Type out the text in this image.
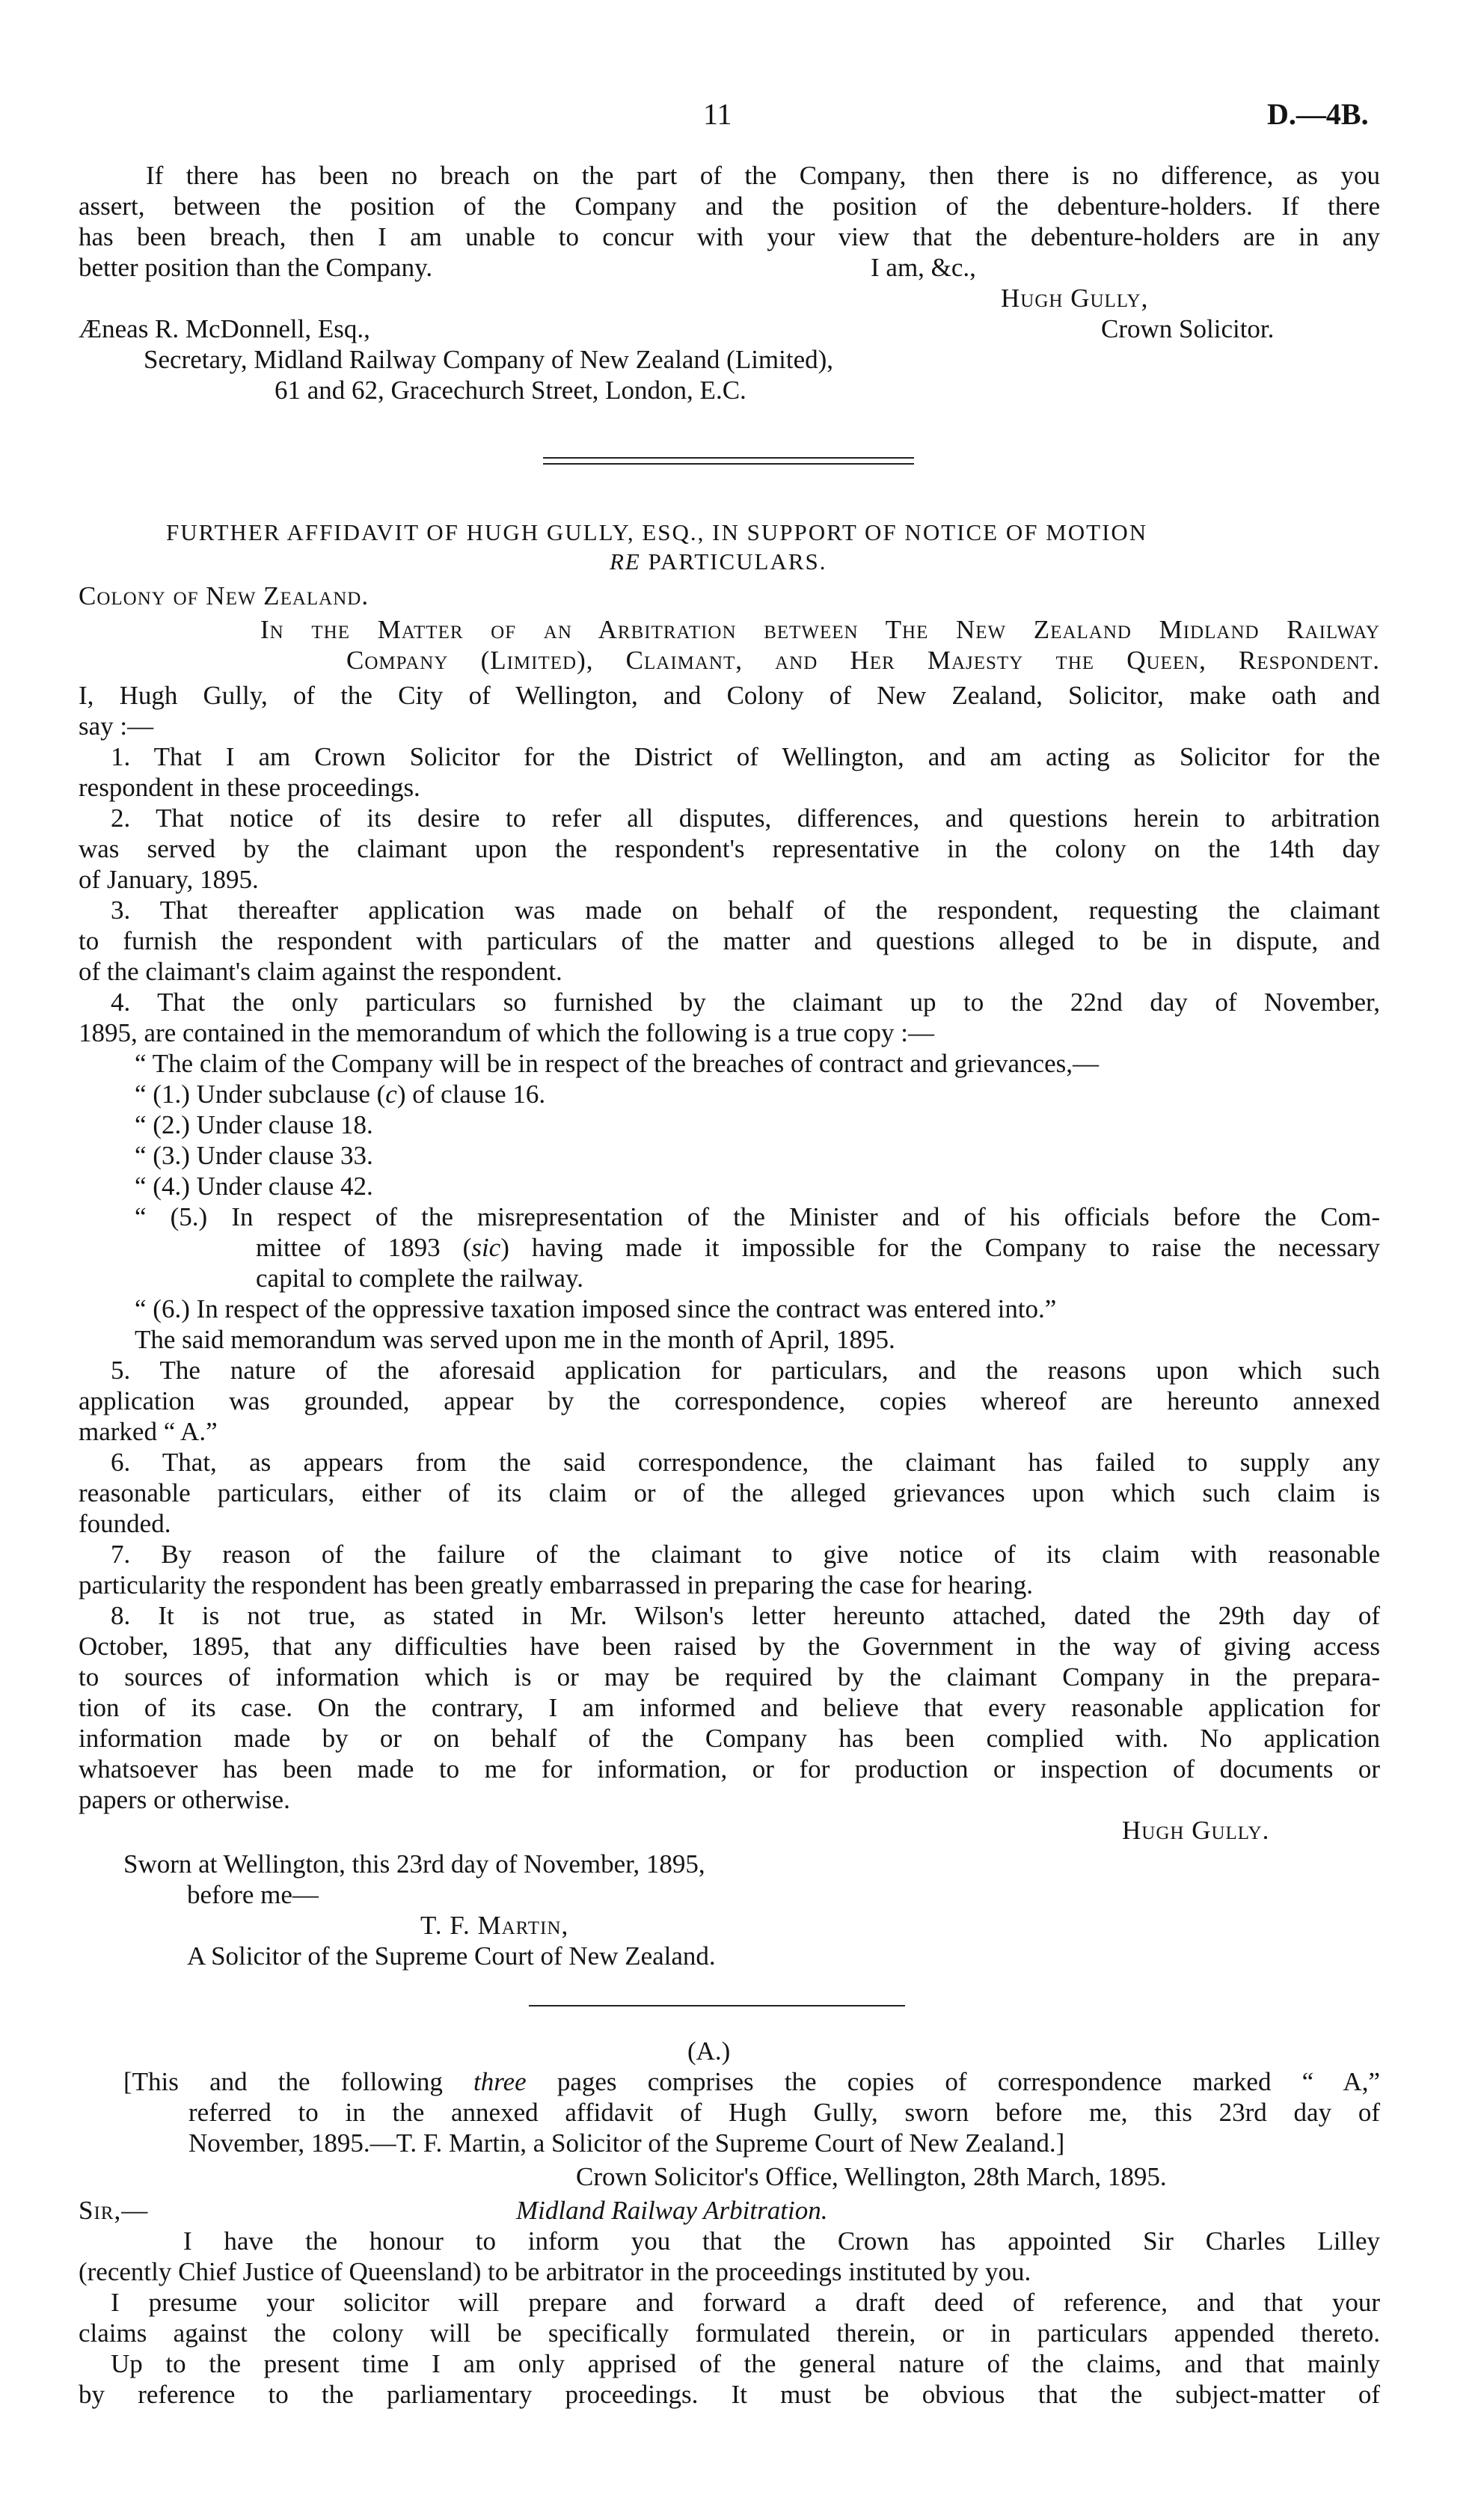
11	D.—4B.
If there has been no breach on the part of the Company, then there is no difference, as you
assert, between the position of the Company and the position of the debenture-holders. If there
has been breach, then I am unable to concur with your view that the debenture-holders are in any
better position than the Company.	I am, &c.,
Hugh Gully,
Æneas R. McDonnell, Esq.,	Crown Solicitor.
Secretary, Midland Railway Company of New Zealand (Limited),
61 and 62, Gracechurch Street, London, E.C.
FURTHER AFFIDAVIT OF HUGH GULLY, ESQ., IN SUPPORT OF NOTICE OF MOTION
RE PARTICULARS.
Colony of New Zealand.
In the Matter of an Arbitration between The New Zealand Midland Railway
Company (Limited), Claimant, and Her Majesty the Queen, Respondent.
I, Hugh Gully, of the City of Wellington, and Colony of New Zealand, Solicitor, make oath and
say :—
1. That I am Crown Solicitor for the District of Wellington, and am acting as Solicitor for the
respondent in these proceedings.
2. That notice of its desire to refer all disputes, differences, and questions herein to arbitration
was served by the claimant upon the respondent's representative in the colony on the 14th day
of January, 1895.
3. That thereafter application was made on behalf of the respondent, requesting the claimant
to furnish the respondent with particulars of the matter and questions alleged to be in dispute, and
of the claimant's claim against the respondent.
4. That the only particulars so furnished by the claimant up to the 22nd day of November,
1895, are contained in the memorandum of which the following is a true copy :—
“ The claim of the Company will be in respect of the breaches of contract and grievances,—
“ (1.) Under subclause (c) of clause 16.
“ (2.) Under clause 18.
“ (3.) Under clause 33.
“ (4.) Under clause 42.
“ (5.) In respect of the misrepresentation of the Minister and of his officials before the Com-
mittee of 1893 (sic) having made it impossible for the Company to raise the necessary
capital to complete the railway.
“ (6.) In respect of the oppressive taxation imposed since the contract was entered into.”
The said memorandum was served upon me in the month of April, 1895.
5. The nature of the aforesaid application for particulars, and the reasons upon which such
application was grounded, appear by the correspondence, copies whereof are hereunto annexed
marked “ A.”
6. That, as appears from the said correspondence, the claimant has failed to supply any
reasonable particulars, either of its claim or of the alleged grievances upon which such claim is
founded.
7. By reason of the failure of the claimant to give notice of its claim with reasonable
particularity the respondent has been greatly embarrassed in preparing the case for hearing.
8. It is not true, as stated in Mr. Wilson's letter hereunto attached, dated the 29th day of
October, 1895, that any difficulties have been raised by the Government in the way of giving access
to sources of information which is or may be required by the claimant Company in the prepara-
tion of its case. On the contrary, I am informed and believe that every reasonable application for
information made by or on behalf of the Company has been complied with. No application
whatsoever has been made to me for information, or for production or inspection of documents or
papers or otherwise.
Hugh Gully.
Sworn at Wellington, this 23rd day of November, 1895,
before me—
T. F. Martin,
A Solicitor of the Supreme Court of New Zealand.
(A.)
[This and the following three pages comprises the copies of correspondence marked “ A,”
referred to in the annexed affidavit of Hugh Gully, sworn before me, this 23rd day of
November, 1895.—T. F. Martin, a Solicitor of the Supreme Court of New Zealand.]
Crown Solicitor's Office, Wellington, 28th March, 1895.
Sir,—	Midland Railway Arbitration.
I have the honour to inform you that the Crown has appointed Sir Charles Lilley
(recently Chief Justice of Queensland) to be arbitrator in the proceedings instituted by you.
I presume your solicitor will prepare and forward a draft deed of reference, and that your
claims against the colony will be specifically formulated therein, or in particulars appended thereto.
Up to the present time I am only apprised of the general nature of the claims, and that mainly
by reference to the parliamentary proceedings. It must be obvious that the subject-matter of
